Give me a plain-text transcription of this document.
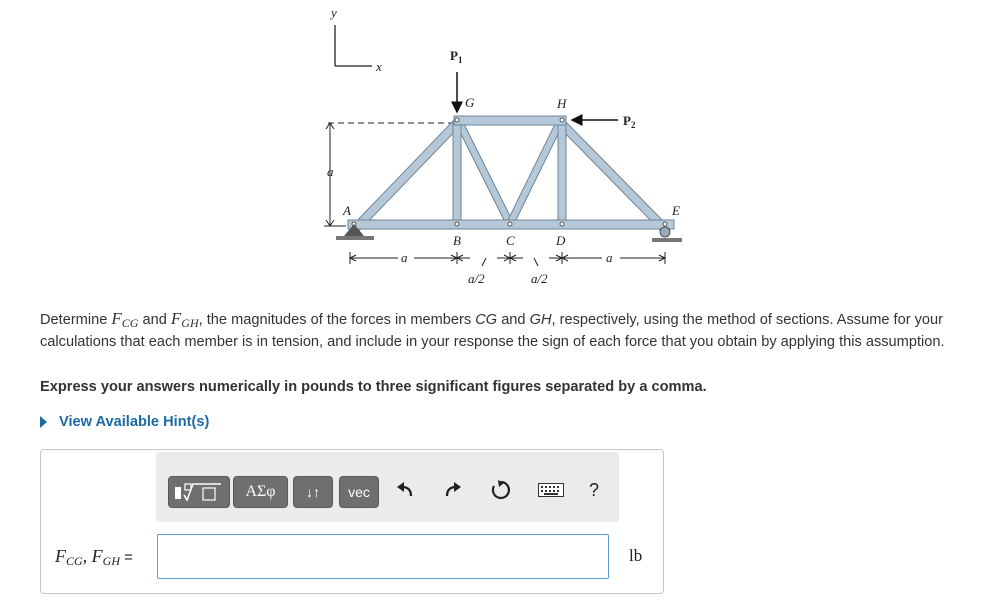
y
x
a
$P_1$
$P_2$
G	H
A
B	C	D
E
a	a
a/2	a/2
Determine $F_{CG}$ and $F_{GH}$, the magnitudes of the forces in members CG and GH, respectively, using the method of sections. Assume for your calculations that each member is in tension, and include in your response the sign of each force that you obtain by applying this assumption.
Express your answers numerically in pounds to three significant figures separated by a comma.
View Available Hint(s)
ΑΣφ	↓↑	vec	?
$F_{CG}$, $F_{GH}$ =	lb
